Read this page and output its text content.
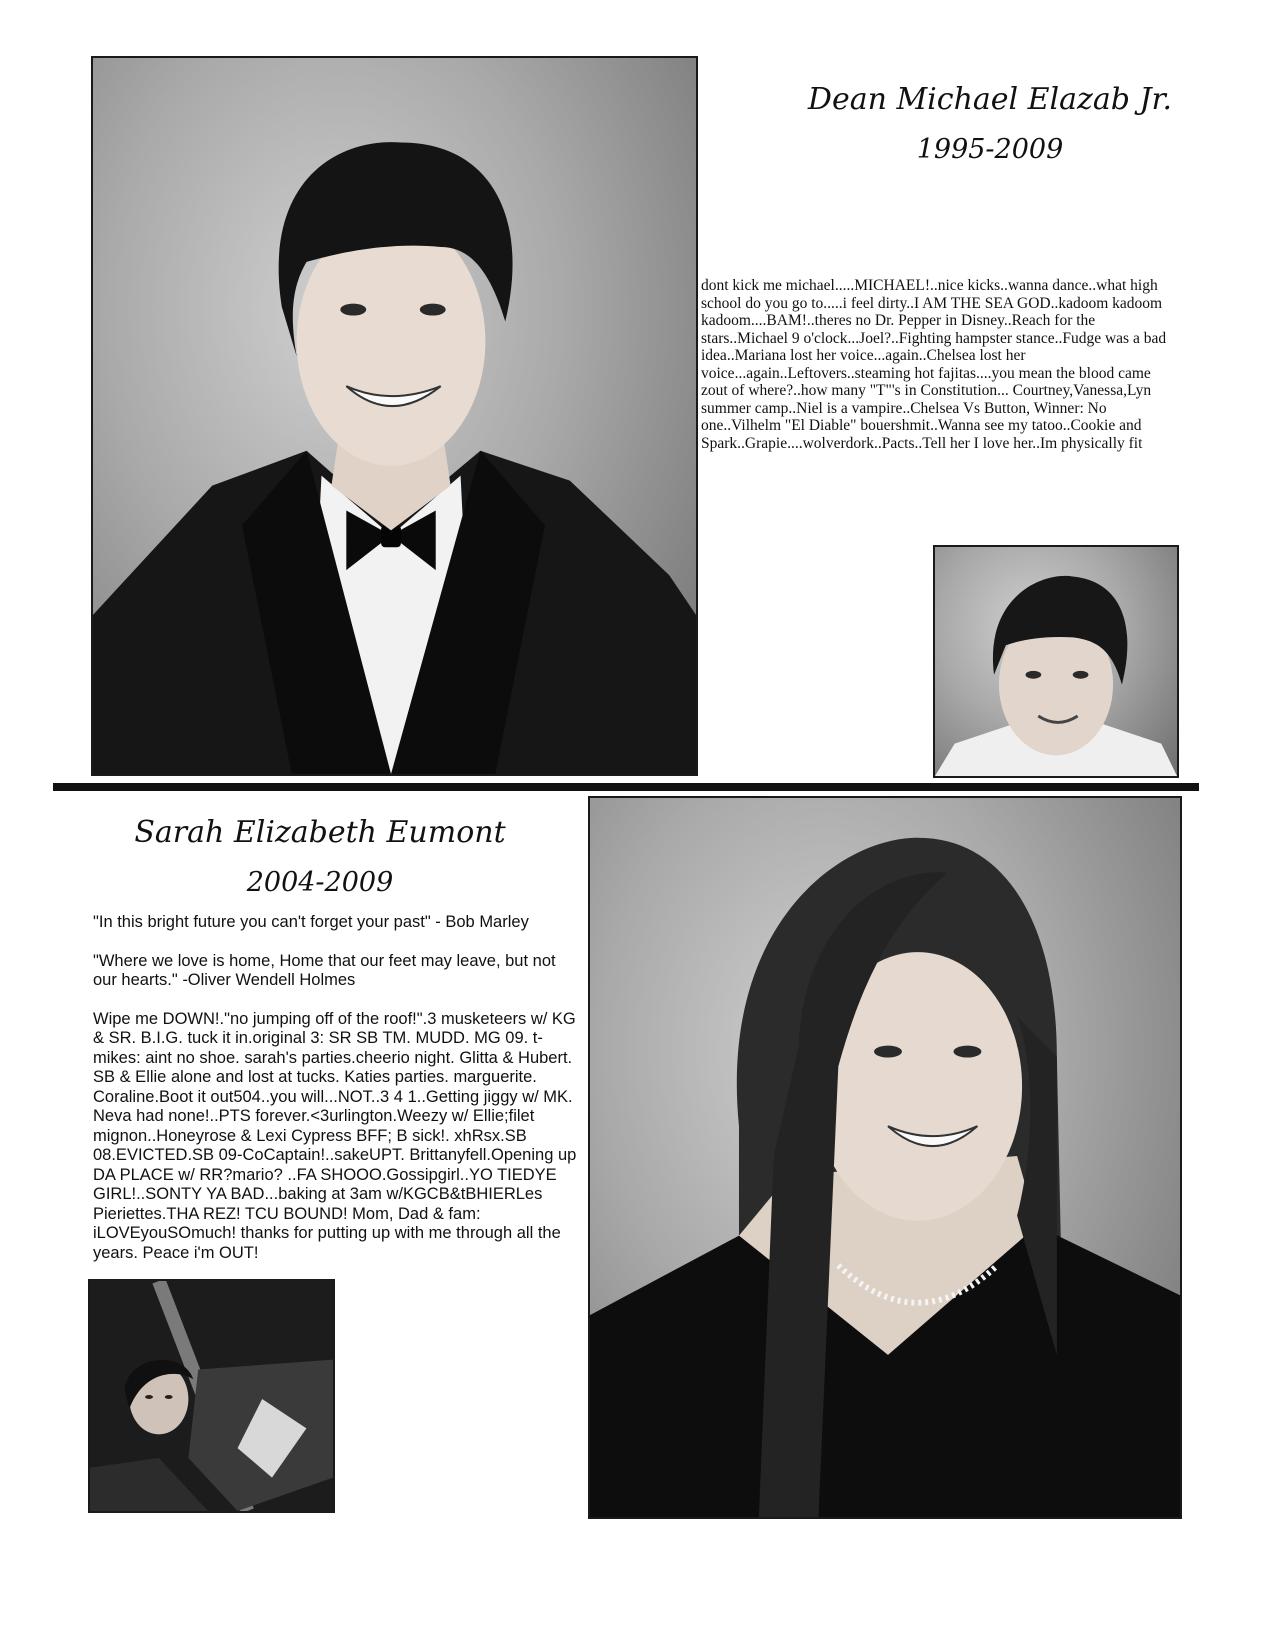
Dean Michael Elazab Jr.
1995-2009
dont kick me michael.....MICHAEL!..nice kicks..wanna dance..what high school do you go to.....i feel dirty..I AM THE SEA GOD..kadoom kadoom kadoom....BAM!..theres no Dr. Pepper in Disney..Reach for the stars..Michael 9 o'clock...Joel?..Fighting hampster stance..Fudge was a bad idea..Mariana lost her voice...again..Chelsea lost her voice...again..Leftovers..steaming hot fajitas....you mean the blood came zout of where?..how many "T"'s in Constitution... Courtney,Vanessa,Lyn summer camp..Niel is a vampire..Chelsea Vs Button, Winner: No one..Vilhelm "El Diable" bouershmit..Wanna see my tatoo..Cookie and Spark..Grapie....wolverdork..Pacts..Tell her I love her..Im physically fit
Sarah Elizabeth Eumont
2004-2009

"In this bright future you can't forget your past" - Bob Marley

"Where we love is home, Home that our feet may leave, but not our hearts." -Oliver Wendell Holmes

Wipe me DOWN!."no jumping off of the roof!".3 musketeers w/ KG & SR. B.I.G. tuck it in.original 3: SR SB TM. MUDD. MG 09. t-mikes: aint no shoe. sarah's parties.cheerio night. Glitta & Hubert. SB & Ellie alone and lost at tucks. Katies parties. marguerite. Coraline.Boot it out504..you will...NOT..3 4 1..Getting jiggy w/ MK. Neva had none!..PTS forever.<3urlington.Weezy w/ Ellie;filet mignon..Honeyrose & Lexi Cypress BFF; B sick!. xhRsx.SB 08.EVICTED.SB 09-CoCaptain!..sakeUPT. Brittanyfell.Opening up DA PLACE w/ RR?mario? ..FA SHOOO.Gossipgirl..YO TIEDYE GIRL!..SONTY YA BAD...baking at 3am w/KGCB&tBHIERLes Pieriettes.THA REZ! TCU BOUND! Mom, Dad & fam: iLOVEyouSOmuch! thanks for putting up with me through all the years. Peace i'm OUT!
